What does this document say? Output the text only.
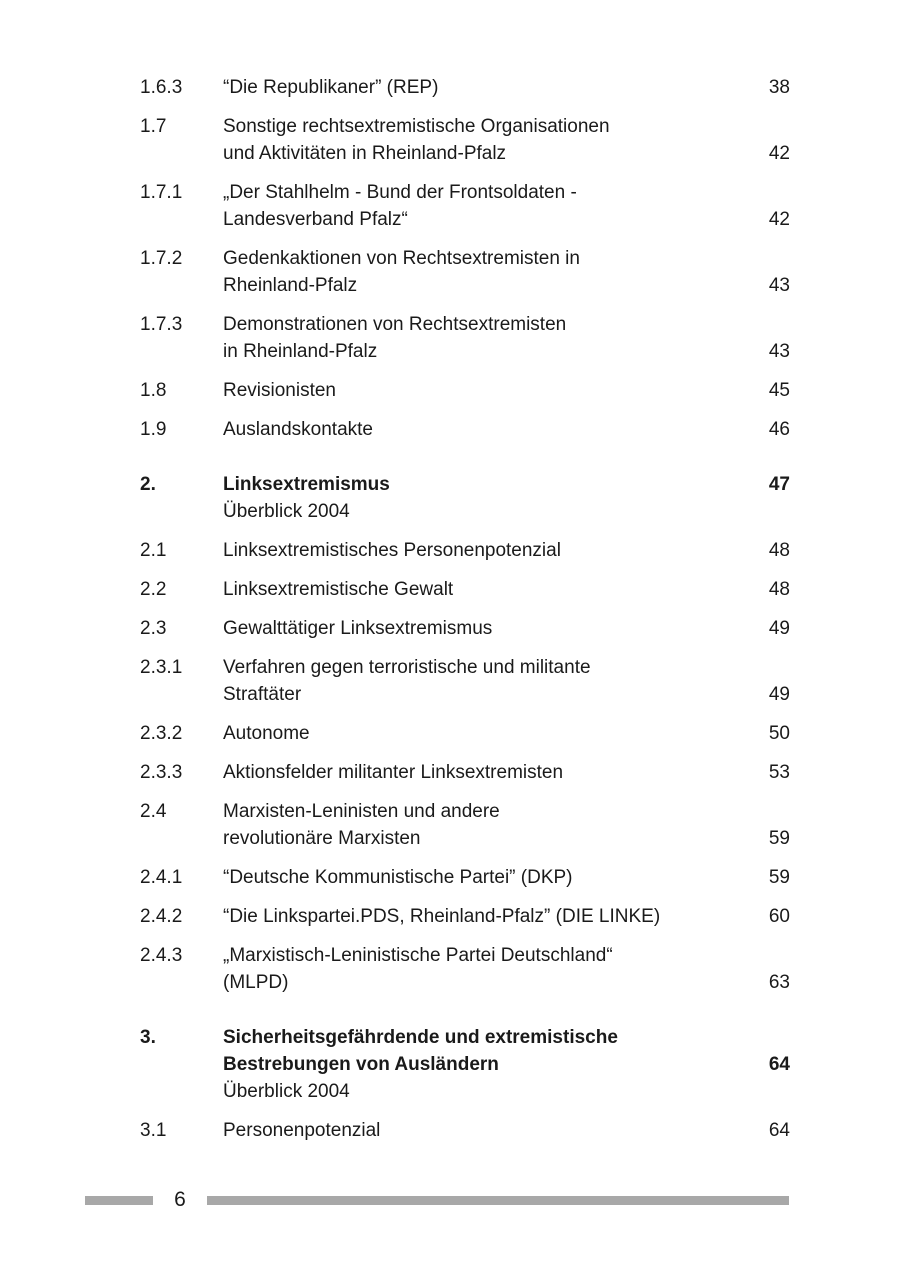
1.6.3	“Die Republikaner” (REP)	38
1.7	Sonstige rechtsextremistische Organisationen
und Aktivitäten in Rheinland-Pfalz	42
1.7.1	„Der Stahlhelm - Bund der Frontsoldaten -
Landesverband Pfalz“	42
1.7.2	Gedenkaktionen von Rechtsextremisten in
Rheinland-Pfalz	43
1.7.3	Demonstrationen von Rechtsextremisten
in Rheinland-Pfalz	43
1.8	Revisionisten	45
1.9	Auslandskontakte	46
2.	Linksextremismus	47
Überblick 2004
2.1	Linksextremistisches Personenpotenzial	48
2.2	Linksextremistische Gewalt	48
2.3	Gewalttätiger Linksextremismus	49
2.3.1	Verfahren gegen terroristische und militante
Straftäter	49
2.3.2	Autonome	50
2.3.3	Aktionsfelder militanter Linksextremisten	53
2.4	Marxisten-Leninisten und andere
revolutionäre Marxisten	59
2.4.1	“Deutsche Kommunistische Partei” (DKP)	59
2.4.2	“Die Linkspartei.PDS, Rheinland-Pfalz” (DIE LINKE)	60
2.4.3	„Marxistisch-Leninistische Partei Deutschland“
(MLPD)	63
3.	Sicherheitsgefährdende und extremistische
Bestrebungen von Ausländern	64
Überblick 2004
3.1	Personenpotenzial	64
6
